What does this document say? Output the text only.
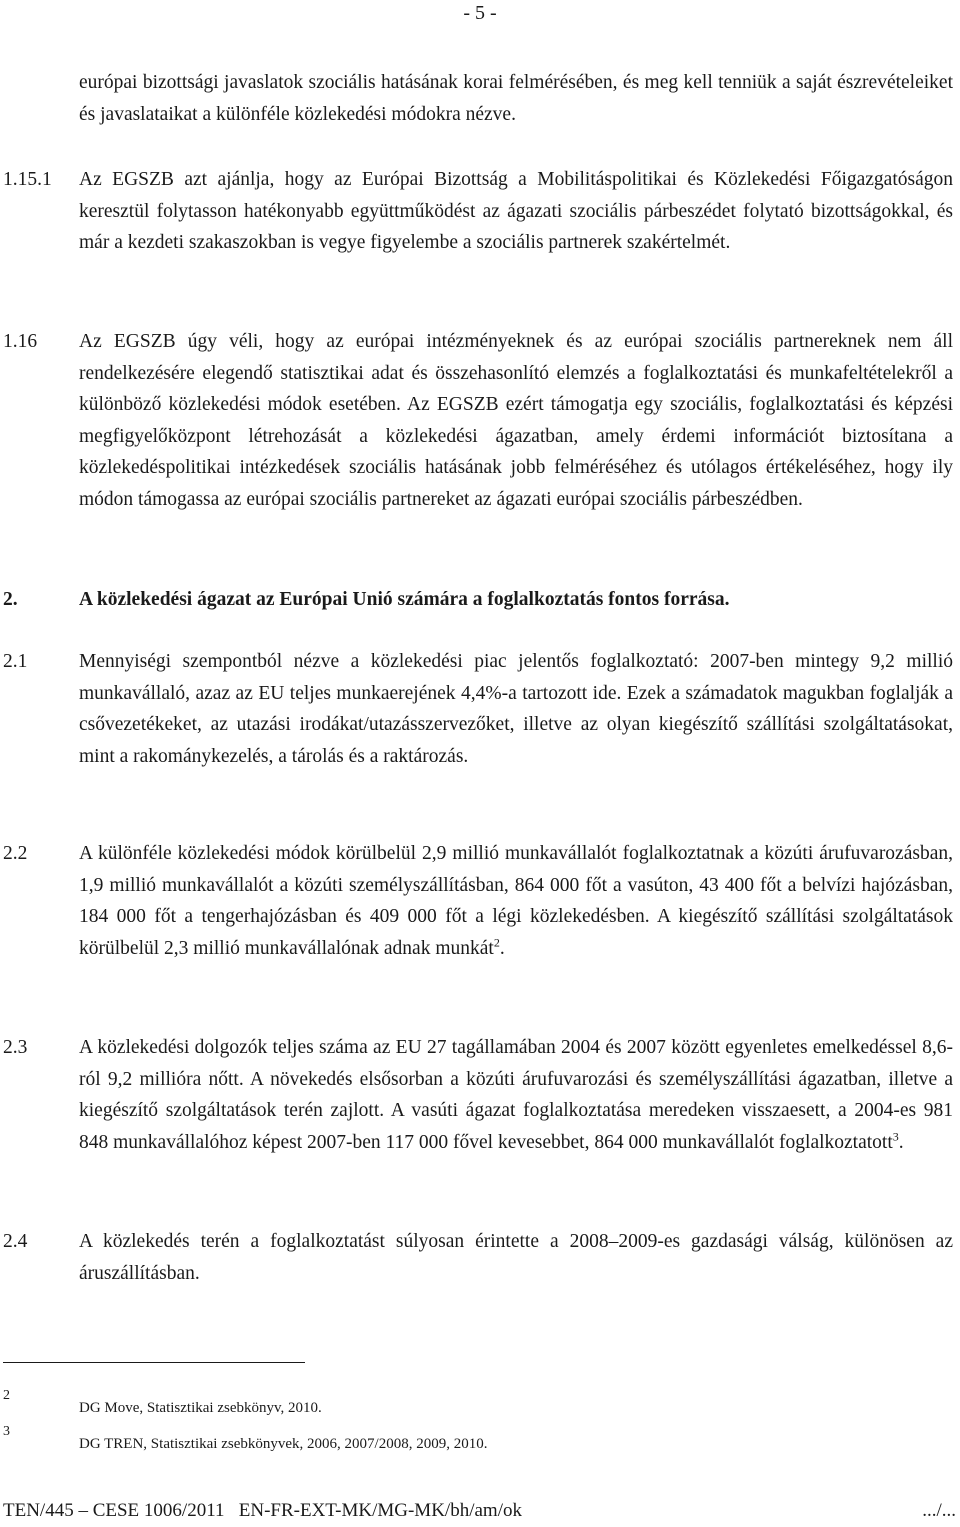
- 5 -
európai bizottsági javaslatok szociális hatásának korai felmérésében, és meg kell tenniük a saját észrevételeiket és javaslataikat a különféle közlekedési módokra nézve.
1.15.1 Az EGSZB azt ajánlja, hogy az Európai Bizottság a Mobilitáspolitikai és Közlekedési Főigazgatóságon keresztül folytasson hatékonyabb együttműködést az ágazati szociális párbeszédet folytató bizottságokkal, és már a kezdeti szakaszokban is vegye figyelembe a szociális partnerek szakértelmét.
1.16 Az EGSZB úgy véli, hogy az európai intézményeknek és az európai szociális partnereknek nem áll rendelkezésére elegendő statisztikai adat és összehasonlító elemzés a foglalkoztatási és munkafeltételekről a különböző közlekedési módok esetében. Az EGSZB ezért támogatja egy szociális, foglalkoztatási és képzési megfigyelőközpont létrehozását a közlekedési ágazatban, amely érdemi információt biztosítana a közlekedéspolitikai intézkedések szociális hatásának jobb felméréséhez és utólagos értékeléséhez, hogy ily módon támogassa az európai szociális partnereket az ágazati európai szociális párbeszédben.
2.	A közlekedési ágazat az Európai Unió számára a foglalkoztatás fontos forrása.
2.1	Mennyiségi szempontból nézve a közlekedési piac jelentős foglalkoztató: 2007-ben mintegy 9,2 millió munkavállaló, azaz az EU teljes munkaerejének 4,4%-a tartozott ide. Ezek a számadatok magukban foglalják a csővezetékeket, az utazási irodákat/utazásszervezőket, illetve az olyan kiegészítő szállítási szolgáltatásokat, mint a rakománykezelés, a tárolás és a raktározás.
2.2	A különféle közlekedési módok körülbelül 2,9 millió munkavállalót foglalkoztatnak a közúti árufuvarozásban, 1,9 millió munkavállalót a közúti személyszállításban, 864 000 főt a vasúton, 43 400 főt a belvízi hajózásban, 184 000 főt a tengerhajózásban és 409 000 főt a légi közlekedésben. A kiegészítő szállítási szolgáltatások körülbelül 2,3 millió munkavállalónak adnak munkát$^2$.
2.3	A közlekedési dolgozók teljes száma az EU 27 tagállamában 2004 és 2007 között egyenletes emelkedéssel 8,6-ról 9,2 millióra nőtt. A növekedés elsősorban a közúti árufuvarozási és személyszállítási ágazatban, illetve a kiegészítő szolgáltatások terén zajlott. A vasúti ágazat foglalkoztatása meredeken visszaesett, a 2004-es 981 848 munkavállalóhoz képest 2007-ben 117 000 fővel kevesebbet, 864 000 munkavállalót foglalkoztatott$^3$.
2.4	A közlekedés terén a foglalkoztatást súlyosan érintette a 2008–2009-es gazdasági válság, különösen az áruszállításban.
2
DG Move, Statisztikai zsebkönyv, 2010.
3
DG TREN, Statisztikai zsebkönyvek, 2006, 2007/2008, 2009, 2010.
TEN/445 – CESE 1006/2011   EN-FR-EXT-MK/MG-MK/bh/am/ok	.../...
